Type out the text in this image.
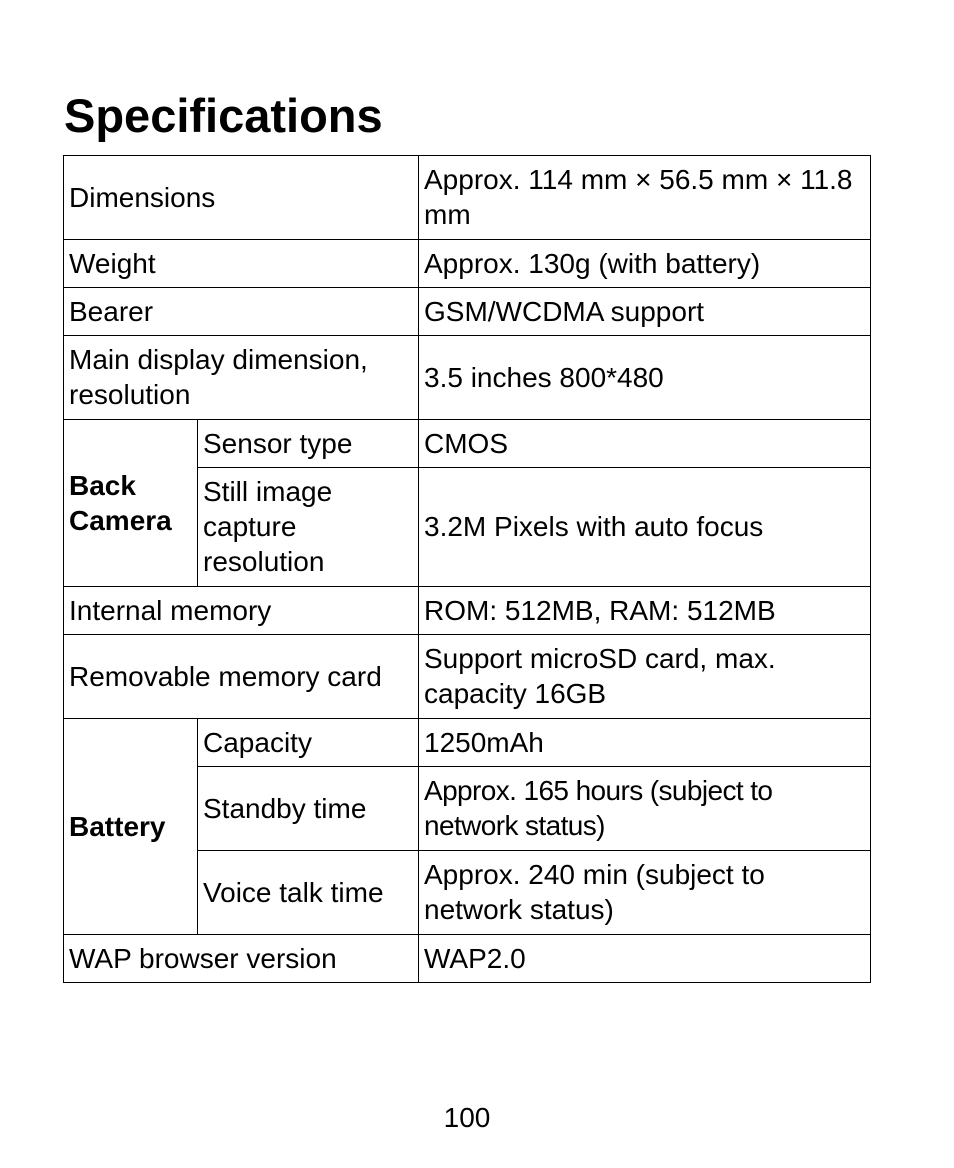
Specifications
Dimensions		Approx. 114 mm × 56.5 mm × 11.8 mm
Weight		Approx. 130g (with battery)
Bearer		GSM/WCDMA support
Main display dimension, resolution		3.5 inches 800*480
Back Camera	Sensor type	CMOS
	Still image capture resolution	3.2M Pixels with auto focus
Internal memory		ROM: 512MB, RAM: 512MB
Removable memory card		Support microSD card, max. capacity 16GB
Battery	Capacity	1250mAh
	Standby time	Approx. 165 hours (subject to network status)
	Voice talk time	Approx. 240 min (subject to network status)
WAP browser version		WAP2.0
100
